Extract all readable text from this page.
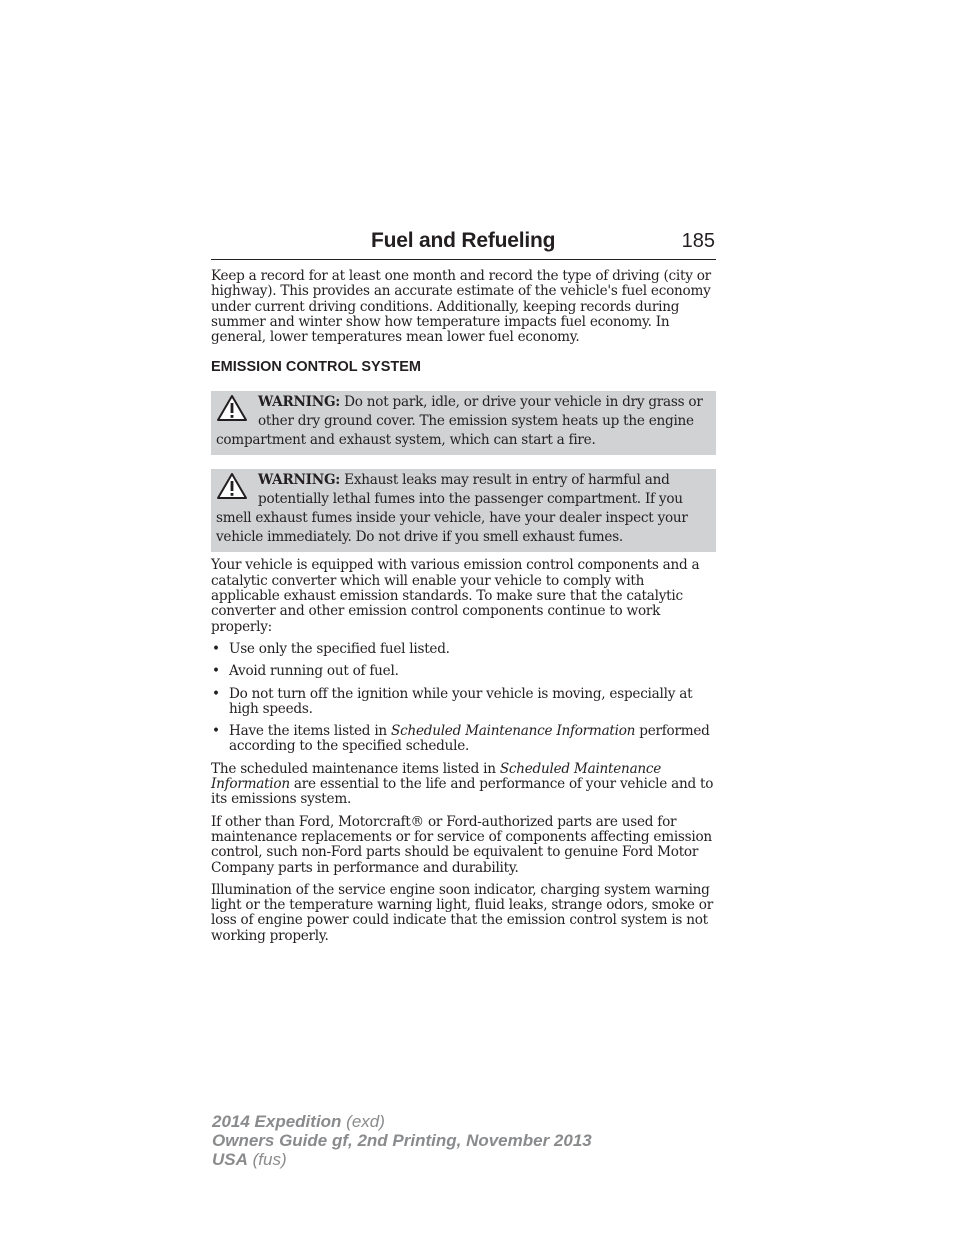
Fuel and Refueling	185

Keep a record for at least one month and record the type of driving (city or highway). This provides an accurate estimate of the vehicle's fuel economy under current driving conditions. Additionally, keeping records during summer and winter show how temperature impacts fuel economy. In general, lower temperatures mean lower fuel economy.

EMISSION CONTROL SYSTEM
WARNING: Do not park, idle, or drive your vehicle in dry grass or other dry ground cover. The emission system heats up the engine compartment and exhaust system, which can start a fire.
WARNING: Exhaust leaks may result in entry of harmful and potentially lethal fumes into the passenger compartment. If you smell exhaust fumes inside your vehicle, have your dealer inspect your vehicle immediately. Do not drive if you smell exhaust fumes.

Your vehicle is equipped with various emission control components and a catalytic converter which will enable your vehicle to comply with applicable exhaust emission standards. To make sure that the catalytic converter and other emission control components continue to work properly:

• Use only the specified fuel listed.
• Avoid running out of fuel.
• Do not turn off the ignition while your vehicle is moving, especially at high speeds.
• Have the items listed in Scheduled Maintenance Information performed according to the specified schedule.

The scheduled maintenance items listed in Scheduled Maintenance Information are essential to the life and performance of your vehicle and to its emissions system.

If other than Ford, Motorcraft® or Ford-authorized parts are used for maintenance replacements or for service of components affecting emission control, such non-Ford parts should be equivalent to genuine Ford Motor Company parts in performance and durability.

Illumination of the service engine soon indicator, charging system warning light or the temperature warning light, fluid leaks, strange odors, smoke or loss of engine power could indicate that the emission control system is not working properly.

2014 Expedition (exd)
Owners Guide gf, 2nd Printing, November 2013
USA (fus)
